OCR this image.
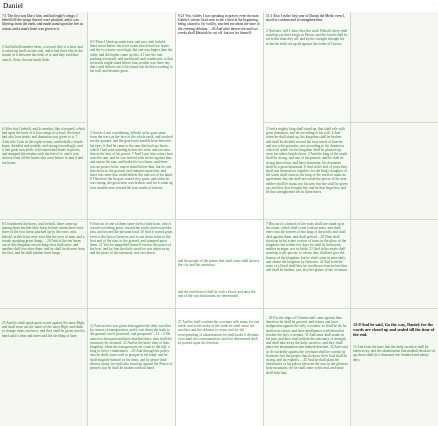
Daniel
7:1 The first was like a lion, and had eagle's wings: I beheld till the wings thereof were plucked, and it was lifted up from the earth, and made stand upon the feet as a man, and a man's heart was given to it.
5 And behold another beast, a second, like to a bear, and it raised up itself on one side, and it had three ribs in the mouth of it between the teeth of it: and they said thus unto it, Arise, devour much flesh.
6 After this I beheld, and lo another, like a leopard, which had upon the back of it four wings of a fowl; the beast had also four heads; and dominion was given to it. 7 After this I saw in the night visions, and behold a fourth beast, dreadful and terrible, and strong exceedingly; and it had great iron teeth: it devoured and brake in pieces, and stamped the residue with the feet of it: and it was diverse from all the beasts that were before it; and it had ten horns.
8 I considered the horns, and, behold, there came up among them another little horn, before whom there were three of the first horns plucked up by the roots: and, behold, in this horn were eyes like the eyes of man, and a mouth speaking great things. ...20 And of the ten horns out of this kingdom are ten kings that shall arise: and another shall rise after them; and he shall be diverse from the first, and he shall subdue three kings.
25 And he shall speak great words against the most High, and shall wear out the saints of the most High, and think to change times and laws: and they shall be given into his hand until a time and times and the dividing of time.
8:3 Then I lifted up mine eyes, and saw, and, behold, there stood before the river a ram which had two horns: and the two horns were high; but one was higher than the other, and the higher came up last. 4 I saw the ram pushing westward, and northward, and southward; so that no beasts might stand before him, neither was there any that could deliver out of his hand; but he did according to his will, and became great.
5 And as I was considering, behold, an he goat came from the west on the face of the whole earth, and touched not the ground: and the goat had a notable horn between his eyes. 6 And he came to the ram that had two horns, which I had seen standing before the river, and ran unto him in the fury of his power. 7 And I saw him come close unto the ram, and he was moved with choler against him, and smote the ram, and brake his two horns: and there was no power in the ram to stand before him, but he cast him down to the ground, and stamped upon him: and there was none that could deliver the ram out of his hand. 8 Therefore the he goat waxed very great: and when he was strong, the great horn was broken; and for it came up four notable ones toward the four winds of heaven.
9 And out of one of them came forth a little horn, which waxed exceeding great, toward the south, and toward the east, and toward the pleasant land. 10 And it waxed great, even to the host of heaven; and it cast down some of the host and of the stars to the ground, and stamped upon them. 11 Yea, he magnified himself even to the prince of the host, and by him the daily sacrifice was taken away, and the place of the sanctuary was cast down.
12 And an host was given him against the daily sacrifice by reason of transgression, and it cast down the truth to the ground; and it practised, and prospered. ...14 ...3 Oh unto two thousand and three hundred days; then shall the sanctuary be cleansed. 23 And in the latter time of their kingdom, when the transgressors are come to the full, a king of fierce countenance ...25 And through his policy also he shall cause craft to prosper in his hand; and he shall magnify himself in his heart, and by peace shall destroy many: he shall also stand up against the Prince of princes; but he shall be broken without hand.
9:21 Yea, whiles I was speaking in prayer, even the man Gabriel, whom I had seen in the vision at the beginning, being caused to fly swiftly, touched me about the time of the evening oblation. ...26 And after threescore and two weeks shall Messiah be cut off, but not for himself:
and the people of the prince that shall come shall destroy the city and the sanctuary;
and the end thereof shall be with a flood, and unto the end of the war desolations are determined.
27 And he shall confirm the covenant with many for one week: and in the midst of the week he shall cause the sacrifice and the oblation to cease, and for the overspreading of abominations he shall make it desolate, even until the consummation, and that determined shall be poured upon the desolate.
11:1 Also I in the first year of Darius the Mede, even I, stood to confirm and to strengthen him.
2 And now will I shew thee the truth. Behold, there shall stand up yet three kings in Persia; and the fourth shall be far richer than they all: and by his strength through his riches he shall stir up all against the realm of Grecia.
3 And a mighty king shall stand up, that shall rule with great dominion, and do according to his will. 4 And when he shall stand up, his kingdom shall be broken, and shall be divided toward the four winds of heaven; and not to his posterity, nor according to his dominion which he ruled: for his kingdom shall be plucked up, even for others beside those. 5 And the king of the south shall be strong, and one of his princes; and he shall be strong above him, and have dominion; his dominion shall be a great dominion. 6 And in the end of years they shall join themselves together; for the king's daughter of the south shall come to the king of the north to make an agreement: but she shall not retain the power of the arm; neither shall he stand, nor his arm: but she shall be given up, and they that brought her, and he that begat her, and he that strengthened her in these times.
7 But out of a branch of her roots shall one stand up in his estate, which shall come with an army, and shall enter into the fortress of the king of the north, and shall deal against them, and shall prevail ...20 Then shall stand up in his estate a raiser of taxes in the glory of the kingdom: but within few days he shall be destroyed, neither in anger, nor in battle. 21 And in his estate shall stand up a vile person, to whom they shall not give the honour of the kingdom: but he shall come in peaceably, and obtain the kingdom by flatteries. 22 And with the arms of a flood shall they be overflown from before him, and shall be broken; yea, also the prince of the covenant.
...30 For the ships of Chittim shall come against him: therefore he shall be grieved, and return, and have indignation against the holy covenant: so shall he do; he shall even return, and have intelligence with them that forsake the holy covenant. 31 And arms shall stand on his part, and they shall pollute the sanctuary of strength, and shall take away the daily sacrifice, and they shall place the abomination that maketh desolate. 32 And such as do wickedly against the covenant shall he corrupt by flatteries: but the people that do know their God shall be strong, and do exploits. ...45 And he shall plant the tabernacles of his palace between the seas in the glorious holy mountain; yet he shall come to his end, and none shall help him.
12:9 And he said, Go thy way, Daniel: for the words are closed up and sealed till the time of the end.
11 And from the time that the daily sacrifice shall be taken away, and the abomination that maketh desolate set up, there shall be a thousand two hundred and ninety days.
